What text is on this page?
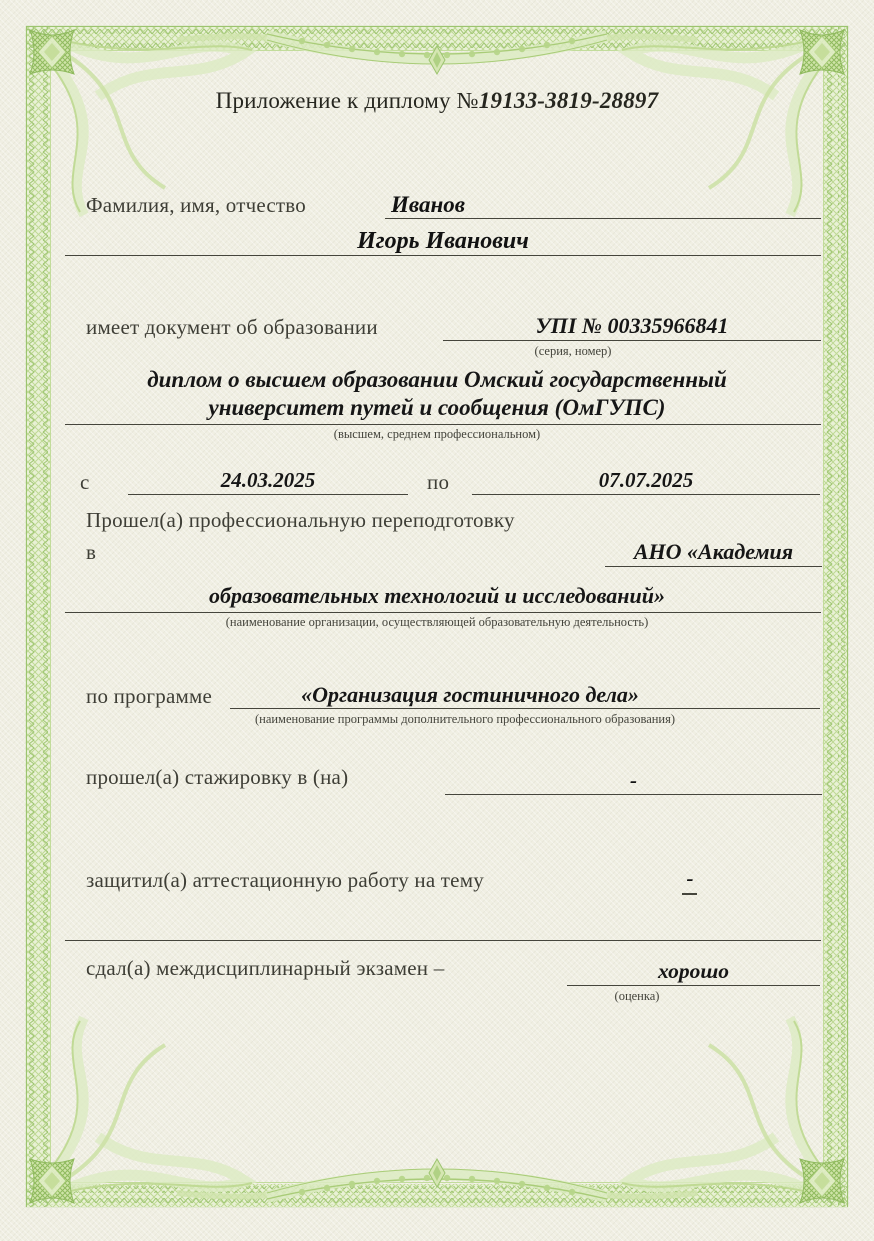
Приложение к диплому №19133-3819-28897
Фамилия, имя, отчество	Иванов
Игорь Иванович
имеет документ об образовании	УПI № 00335966841
(серия, номер)
диплом о высшем образовании Омский государственный
университет путей и сообщения (ОмГУПС)
(высшем, среднем профессиональном)
с	24.03.2025	по	07.07.2025
Прошел(а) профессиональную переподготовку
в	АНО «Академия
образовательных технологий и исследований»
(наименование организации, осуществляющей образовательную деятельность)
по программе	«Организация гостиничного дела»
(наименование программы дополнительного профессионального образования)
прошел(а) стажировку в (на)	-
защитил(а) аттестационную работу на тему	-
сдал(а) междисциплинарный экзамен –	хорошо
(оценка)
